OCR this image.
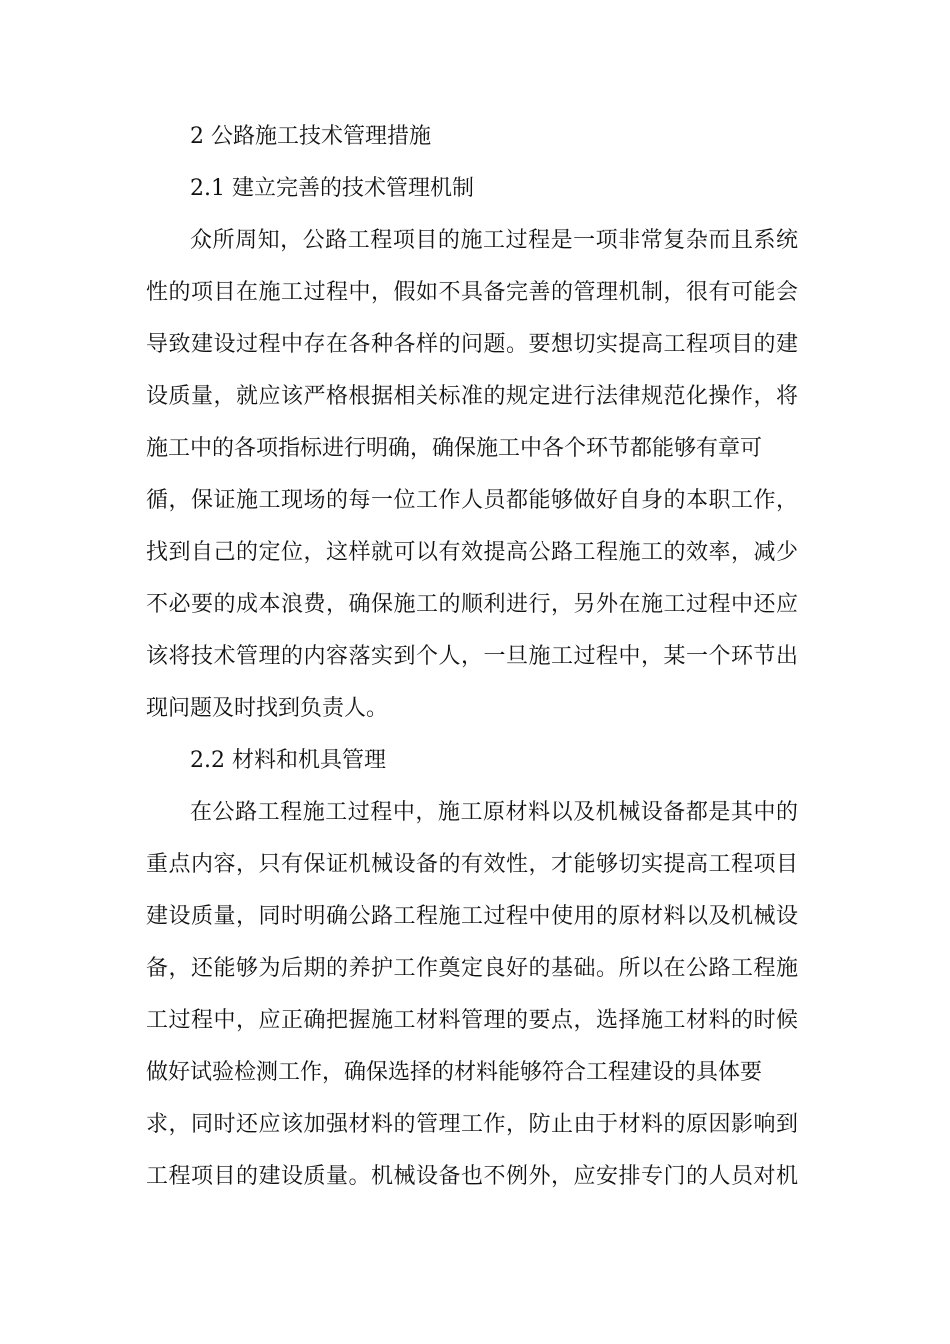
2 公路施工技术管理措施
2.1 建立完善的技术管理机制
众所周知，公路工程项目的施工过程是一项非常复杂而且系统
性的项目在施工过程中，假如不具备完善的管理机制，很有可能会
导致建设过程中存在各种各样的问题。要想切实提高工程项目的建
设质量，就应该严格根据相关标准的规定进行法律规范化操作，将
施工中的各项指标进行明确，确保施工中各个环节都能够有章可
循，保证施工现场的每一位工作人员都能够做好自身的本职工作，
找到自己的定位，这样就可以有效提高公路工程施工的效率，减少
不必要的成本浪费，确保施工的顺利进行，另外在施工过程中还应
该将技术管理的内容落实到个人，一旦施工过程中，某一个环节出
现问题及时找到负责人。
2.2 材料和机具管理
在公路工程施工过程中，施工原材料以及机械设备都是其中的
重点内容，只有保证机械设备的有效性，才能够切实提高工程项目
建设质量，同时明确公路工程施工过程中使用的原材料以及机械设
备，还能够为后期的养护工作奠定良好的基础。所以在公路工程施
工过程中，应正确把握施工材料管理的要点，选择施工材料的时候
做好试验检测工作，确保选择的材料能够符合工程建设的具体要
求，同时还应该加强材料的管理工作，防止由于材料的原因影响到
工程项目的建设质量。机械设备也不例外，应安排专门的人员对机
